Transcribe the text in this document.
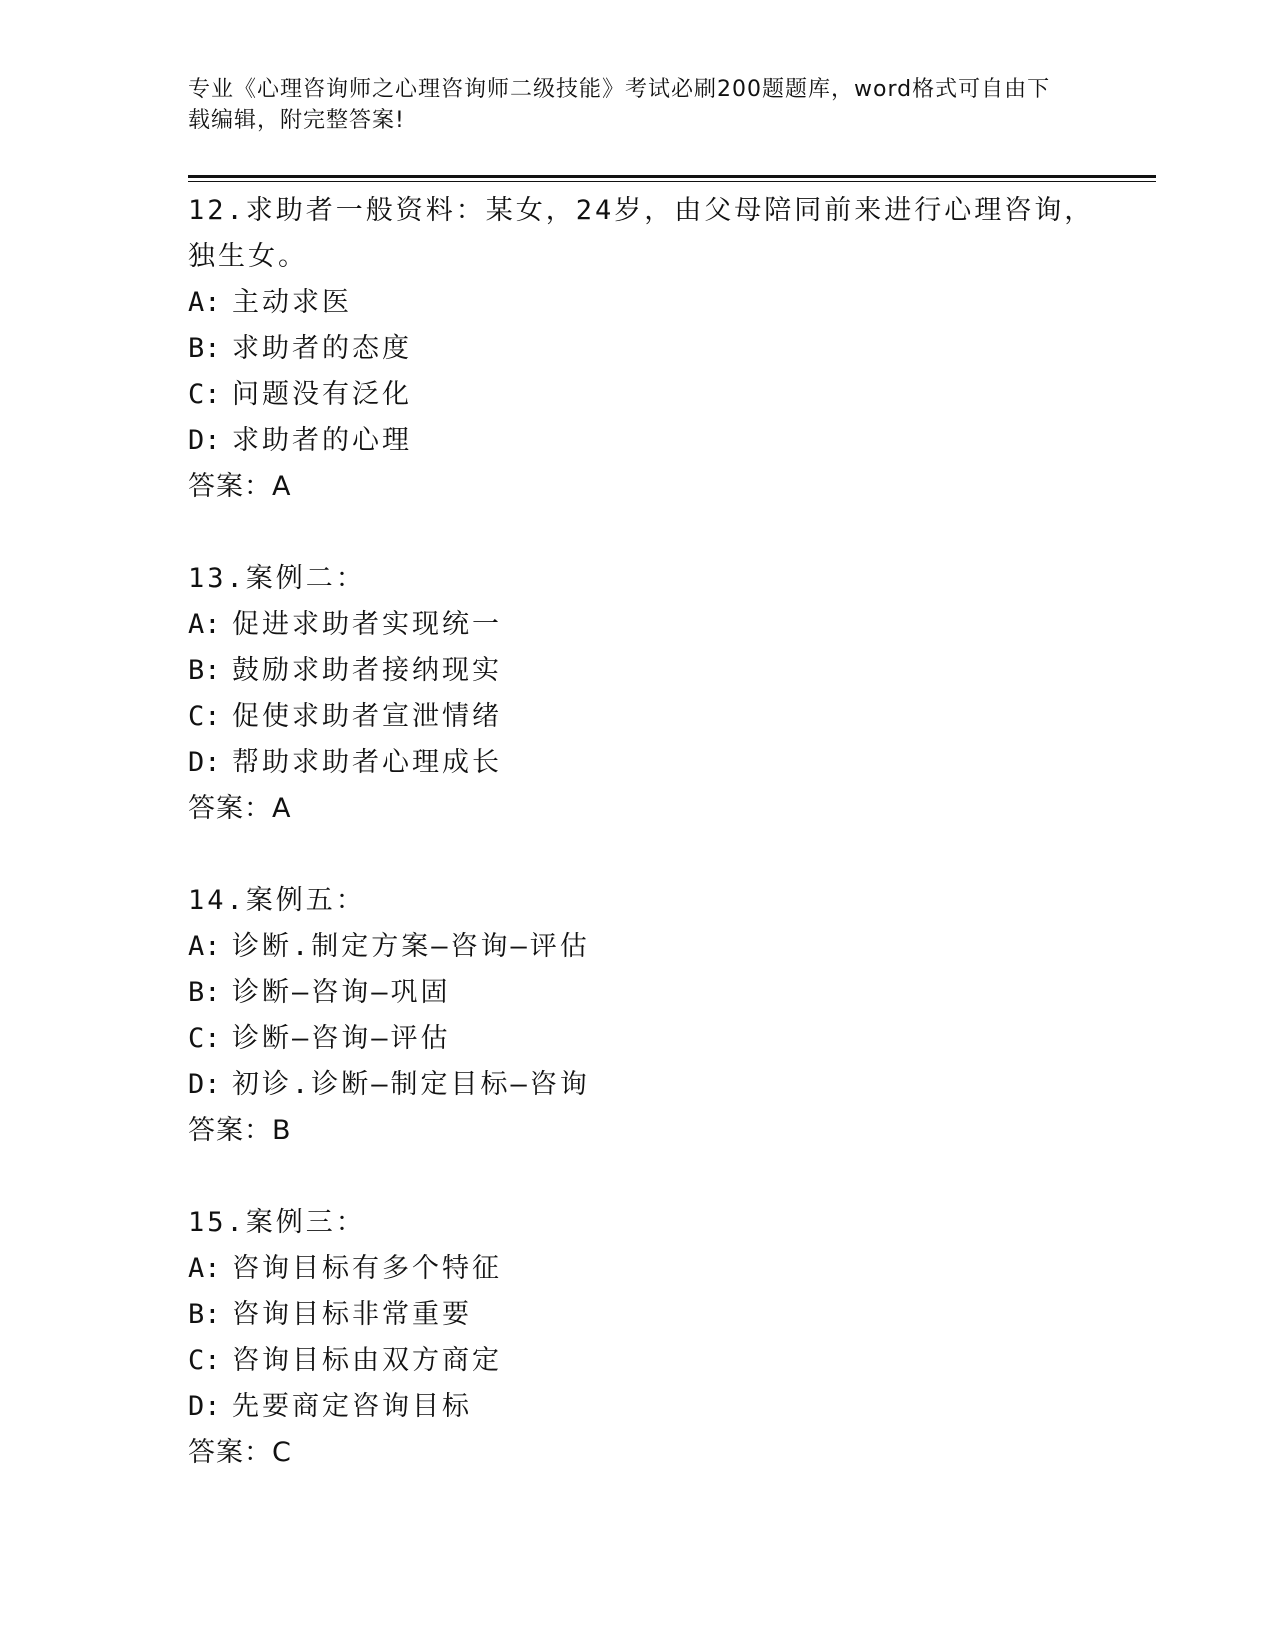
专业《心理咨询师之心理咨询师二级技能》考试必刷200题题库，word格式可自由下载编辑，附完整答案!

12.求助者一般资料：某女，24岁，由父母陪同前来进行心理咨询，独生女。

A: 主动求医

B: 求助者的态度

C: 问题没有泛化

D: 求助者的心理

答案：A

13.案例二：

A: 促进求助者实现统一

B: 鼓励求助者接纳现实

C: 促使求助者宣泄情绪

D: 帮助求助者心理成长

答案：A

14.案例五：

A: 诊断.制定方案—咨询—评估

B: 诊断—咨询—巩固

C: 诊断—咨询—评估

D: 初诊.诊断—制定目标—咨询

答案：B

15.案例三：

A: 咨询目标有多个特征

B: 咨询目标非常重要

C: 咨询目标由双方商定

D: 先要商定咨询目标

答案：C
